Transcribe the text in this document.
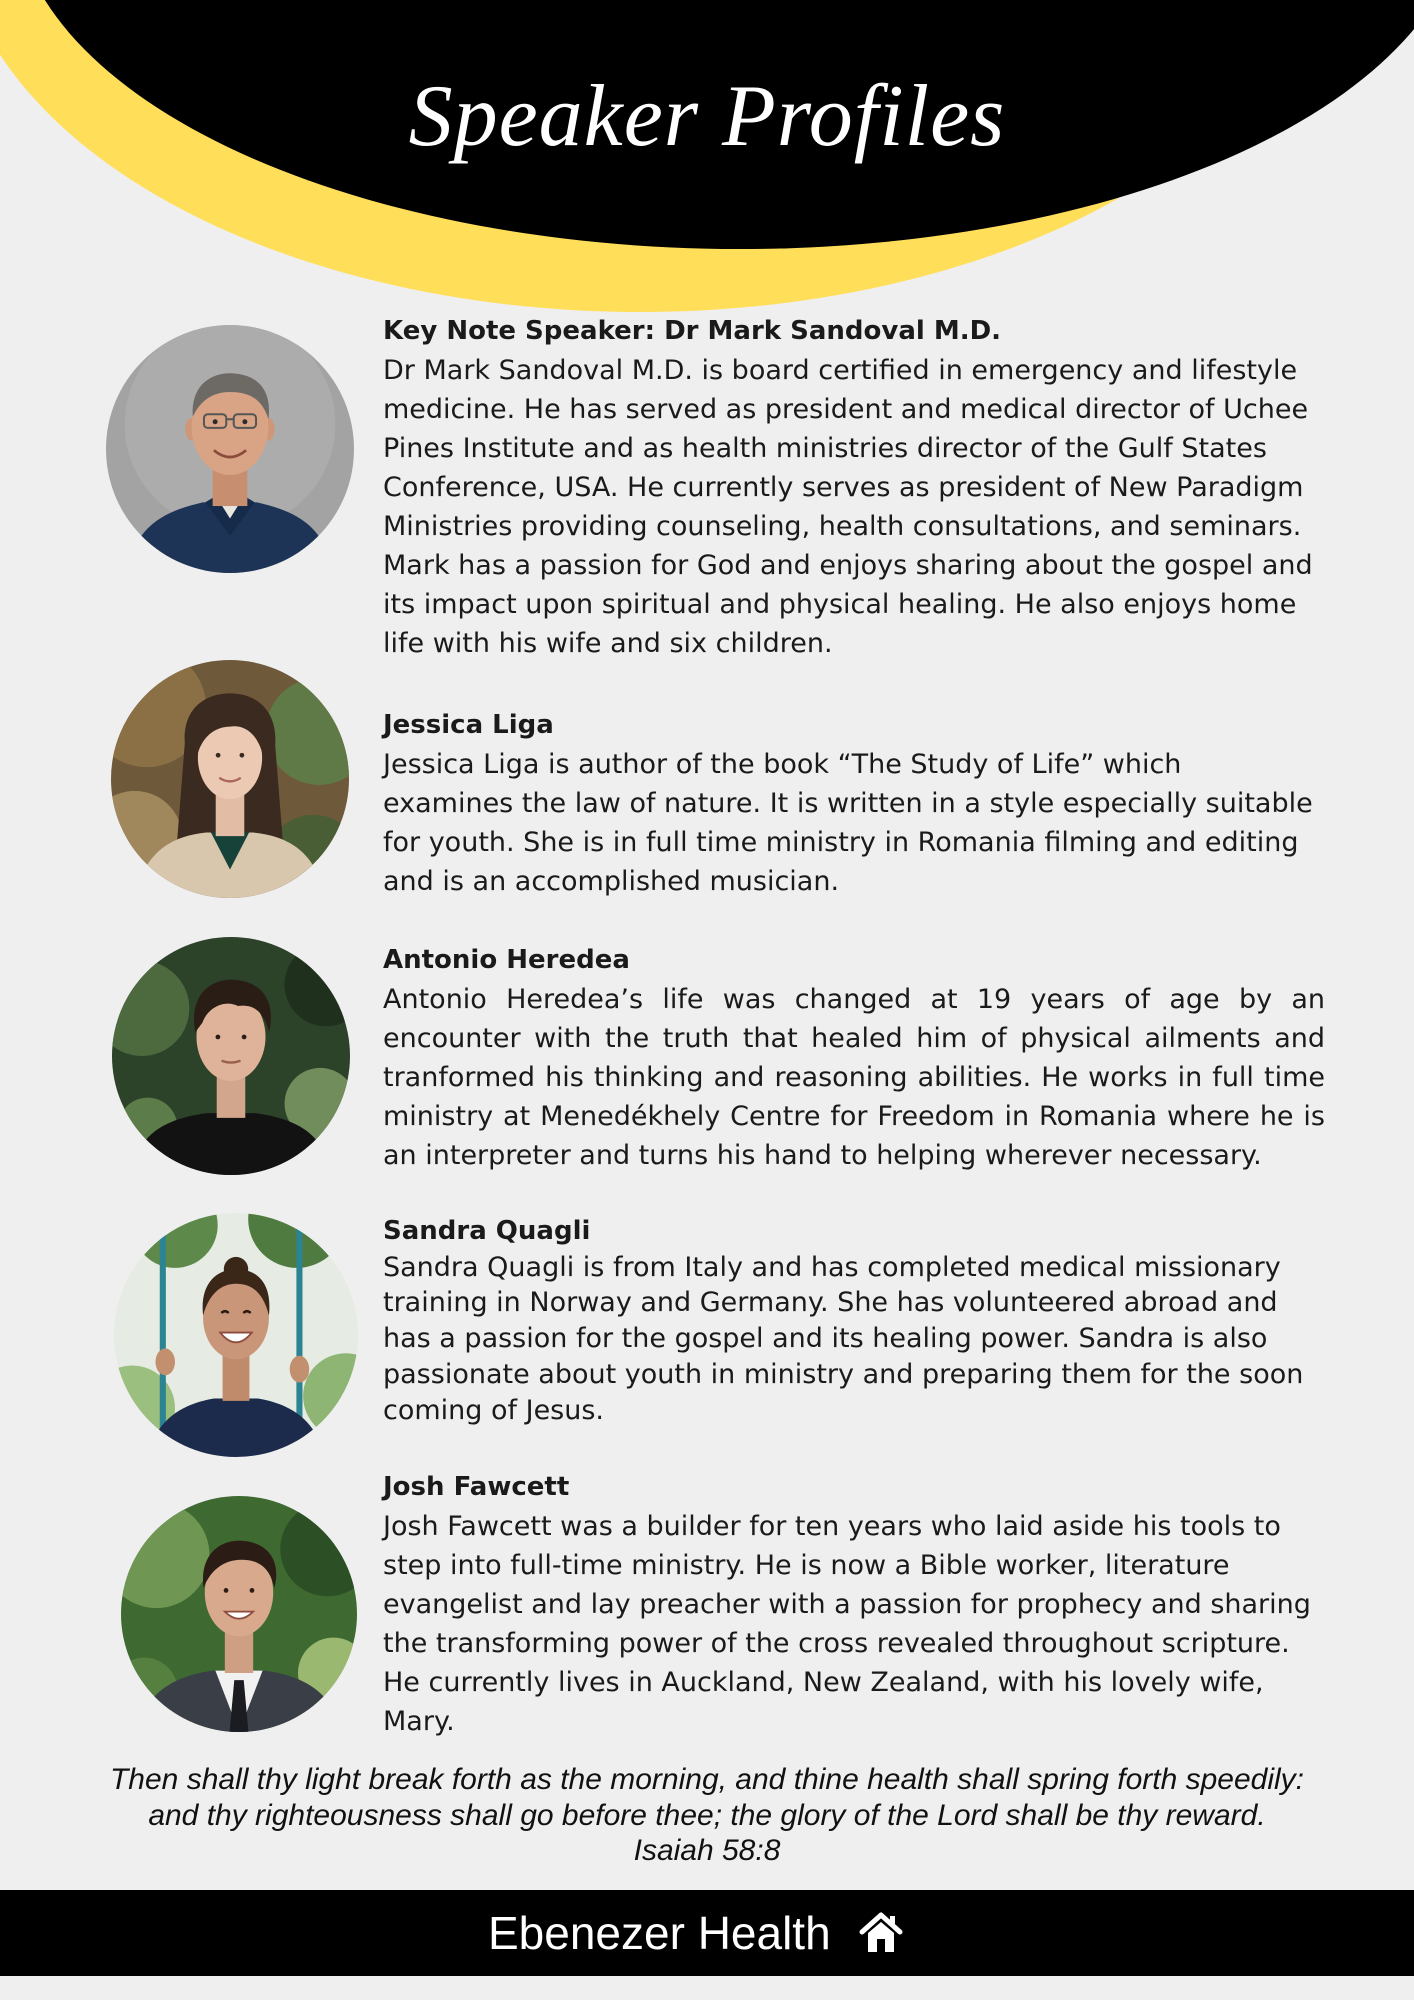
Speaker Profiles
Key Note Speaker: Dr Mark Sandoval M.D.
Dr Mark Sandoval M.D. is board certified in emergency and lifestyle
medicine. He has served as president and medical director of Uchee
Pines Institute and as health ministries director of the Gulf States
Conference, USA. He currently serves as president of New Paradigm
Ministries providing counseling, health consultations, and seminars.
Mark has a passion for God and enjoys sharing about the gospel and
its impact upon spiritual and physical healing. He also enjoys home
life with his wife and six children.
Jessica Liga
Jessica Liga is author of the book “The Study of Life” which
examines the law of nature. It is written in a style especially suitable
for youth. She is in full time ministry in Romania filming and editing
and is an accomplished musician.
Antonio Heredea
Antonio Heredea’s life was changed at 19 years of age by an
encounter with the truth that healed him of physical ailments and
tranformed his thinking and reasoning abilities. He works in full time
ministry at Menedékhely Centre for Freedom in Romania where he is
an interpreter and turns his hand to helping wherever necessary.
Sandra Quagli
Sandra Quagli is from Italy and has completed medical missionary
training in Norway and Germany. She has volunteered abroad and
has a passion for the gospel and its healing power. Sandra is also
passionate about youth in ministry and preparing them for the soon
coming of Jesus.
Josh Fawcett
Josh Fawcett was a builder for ten years who laid aside his tools to
step into full-time ministry. He is now a Bible worker, literature
evangelist and lay preacher with a passion for prophecy and sharing
the transforming power of the cross revealed throughout scripture.
He currently lives in Auckland, New Zealand, with his lovely wife,
Mary.
Then shall thy light break forth as the morning, and thine health shall spring forth speedily:
and thy righteousness shall go before thee; the glory of the Lord shall be thy reward.
Isaiah 58:8
Ebenezer Health
